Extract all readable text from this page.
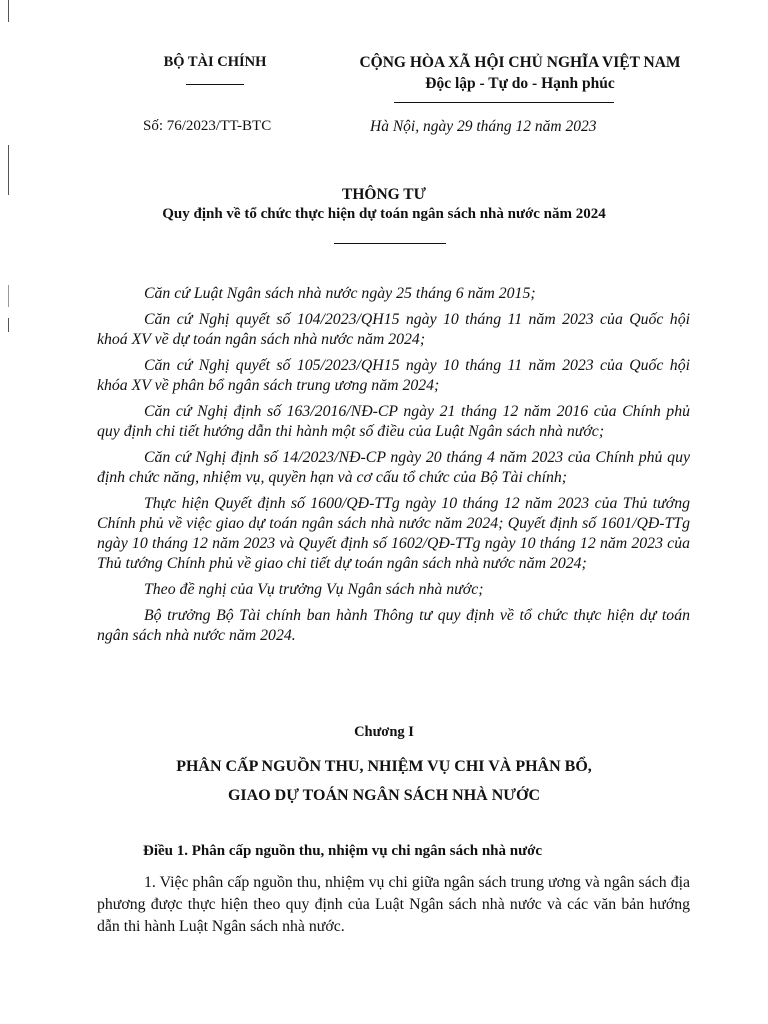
BỘ TÀI CHÍNH	CỘNG HÒA XÃ HỘI CHỦ NGHĨA VIỆT NAM
Độc lập - Tự do - Hạnh phúc
Số: 76/2023/TT-BTC	Hà Nội, ngày 29 tháng 12 năm 2023
THÔNG TƯ
Quy định về tổ chức thực hiện dự toán ngân sách nhà nước năm 2024

Căn cứ Luật Ngân sách nhà nước ngày 25 tháng 6 năm 2015;

Căn cứ Nghị quyết số 104/2023/QH15 ngày 10 tháng 11 năm 2023 của Quốc hội khoá XV về dự toán ngân sách nhà nước năm 2024;

Căn cứ Nghị quyết số 105/2023/QH15 ngày 10 tháng 11 năm 2023 của Quốc hội khóa XV về phân bổ ngân sách trung ương năm 2024;

Căn cứ Nghị định số 163/2016/NĐ-CP ngày 21 tháng 12 năm 2016 của Chính phủ quy định chi tiết hướng dẫn thi hành một số điều của Luật Ngân sách nhà nước;

Căn cứ Nghị định số 14/2023/NĐ-CP ngày 20 tháng 4 năm 2023 của Chính phủ quy định chức năng, nhiệm vụ, quyền hạn và cơ cấu tổ chức của Bộ Tài chính;

Thực hiện Quyết định số 1600/QĐ-TTg ngày 10 tháng 12 năm 2023 của Thủ tướng Chính phủ về việc giao dự toán ngân sách nhà nước năm 2024; Quyết định số 1601/QĐ-TTg ngày 10 tháng 12 năm 2023 và Quyết định số 1602/QĐ-TTg ngày 10 tháng 12 năm 2023 của Thủ tướng Chính phủ về giao chi tiết dự toán ngân sách nhà nước năm 2024;

Theo đề nghị của Vụ trưởng Vụ Ngân sách nhà nước;

Bộ trưởng Bộ Tài chính ban hành Thông tư quy định về tổ chức thực hiện dự toán ngân sách nhà nước năm 2024.

Chương I
PHÂN CẤP NGUỒN THU, NHIỆM VỤ CHI VÀ PHÂN BỔ,
GIAO DỰ TOÁN NGÂN SÁCH NHÀ NƯỚC
Điều 1. Phân cấp nguồn thu, nhiệm vụ chi ngân sách nhà nước

1. Việc phân cấp nguồn thu, nhiệm vụ chi giữa ngân sách trung ương và ngân sách địa phương được thực hiện theo quy định của Luật Ngân sách nhà nước và các văn bản hướng dẫn thi hành Luật Ngân sách nhà nước.
